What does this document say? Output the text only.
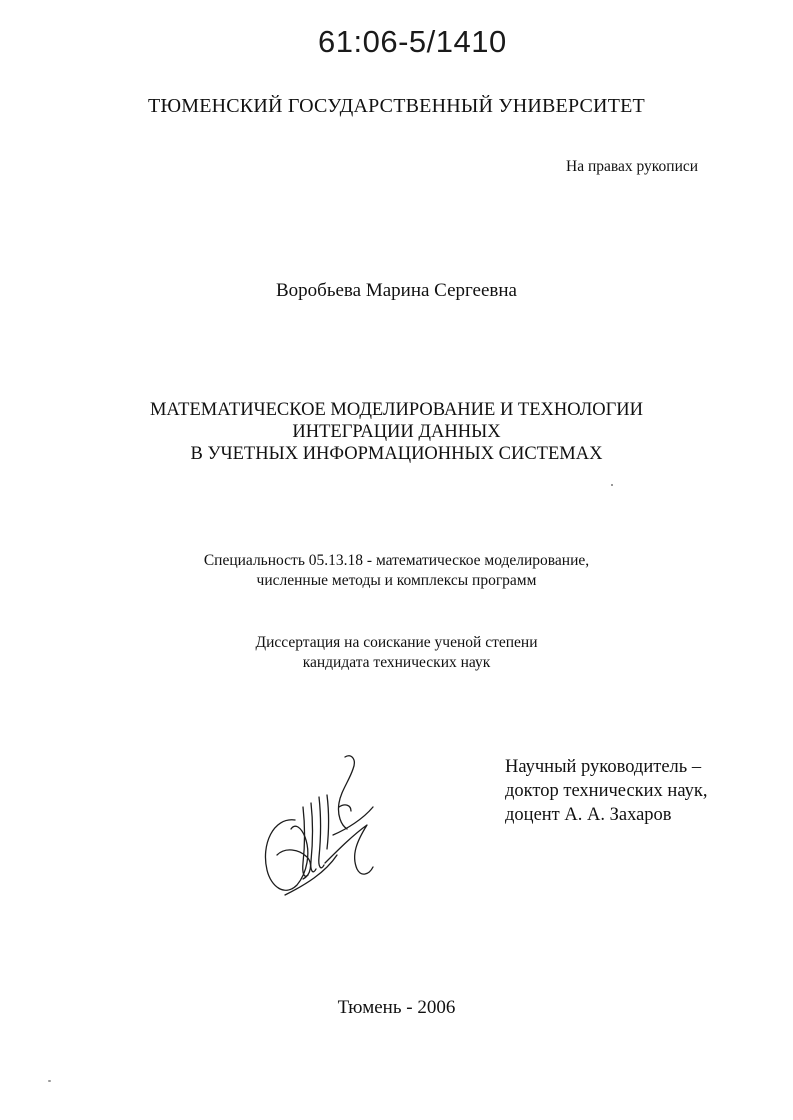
61:06-5/1410
ТЮМЕНСКИЙ ГОСУДАРСТВЕННЫЙ УНИВЕРСИТЕТ
На правах рукописи
Воробьева Марина Сергеевна
МАТЕМАТИЧЕСКОЕ МОДЕЛИРОВАНИЕ И ТЕХНОЛОГИИ
ИНТЕГРАЦИИ ДАННЫХ
В УЧЕТНЫХ ИНФОРМАЦИОННЫХ СИСТЕМАХ
Специальность 05.13.18 - математическое моделирование,
численные методы и комплексы программ
Диссертация на соискание ученой степени
кандидата технических наук
Научный руководитель –
доктор технических наук,
доцент А. А. Захаров
Тюмень - 2006
